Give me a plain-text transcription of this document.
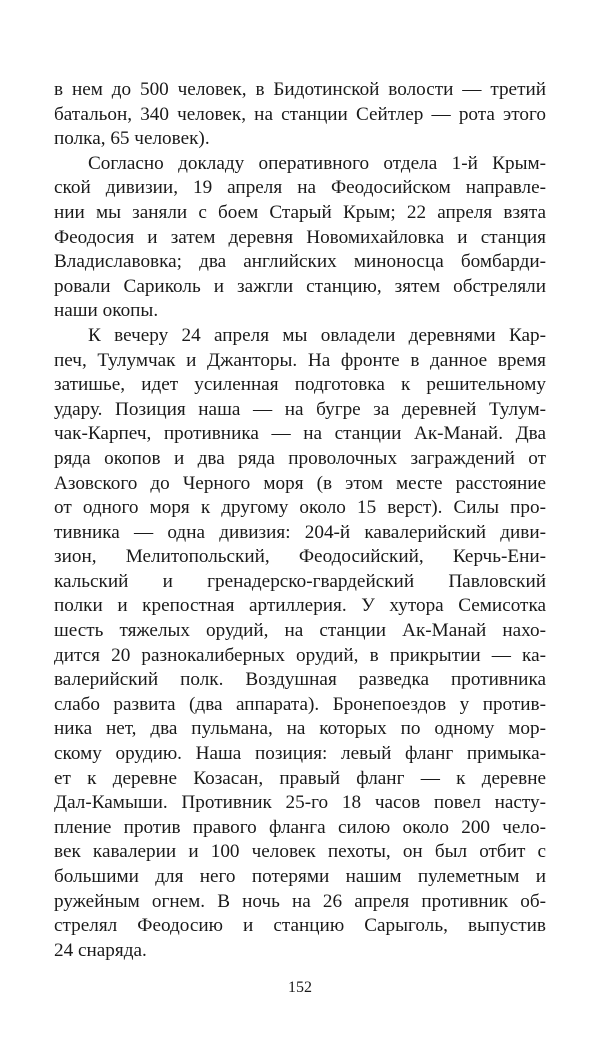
в нем до 500 человек, в Бидотинской волости — третий
батальон, 340 человек, на станции Сейтлер — рота этого
полка, 65 человек).
Согласно докладу оперативного отдела 1-й Крым-
ской дивизии, 19 апреля на Феодосийском направле-
нии мы заняли с боем Старый Крым; 22 апреля взята
Феодосия и затем деревня Новомихайловка и станция
Владиславовка; два английских миноносца бомбарди-
ровали Сариколь и зажгли станцию, зятем обстреляли
наши окопы.
К вечеру 24 апреля мы овладели деревнями Кар-
печ, Тулумчак и Джанторы. На фронте в данное время
затишье, идет усиленная подготовка к решительному
удару. Позиция наша — на бугре за деревней Тулум-
чак-Карпеч, противника — на станции Ак-Манай. Два
ряда окопов и два ряда проволочных заграждений от
Азовского до Черного моря (в этом месте расстояние
от одного моря к другому около 15 верст). Силы про-
тивника — одна дивизия: 204-й кавалерийский диви-
зион, Мелитопольский, Феодосийский, Керчь-Ени-
кальский и гренадерско-гвардейский Павловский
полки и крепостная артиллерия. У хутора Семисотка
шесть тяжелых орудий, на станции Ак-Манай нахо-
дится 20 разнокалиберных орудий, в прикрытии — ка-
валерийский полк. Воздушная разведка противника
слабо развита (два аппарата). Бронепоездов у против-
ника нет, два пульмана, на которых по одному мор-
скому орудию. Наша позиция: левый фланг примыка-
ет к деревне Козасан, правый фланг — к деревне
Дал-Камыши. Противник 25-го 18 часов повел насту-
пление против правого фланга силою около 200 чело-
век кавалерии и 100 человек пехоты, он был отбит с
большими для него потерями нашим пулеметным и
ружейным огнем. В ночь на 26 апреля противник об-
стрелял Феодосию и станцию Сарыголь, выпустив
24 снаряда.
152
